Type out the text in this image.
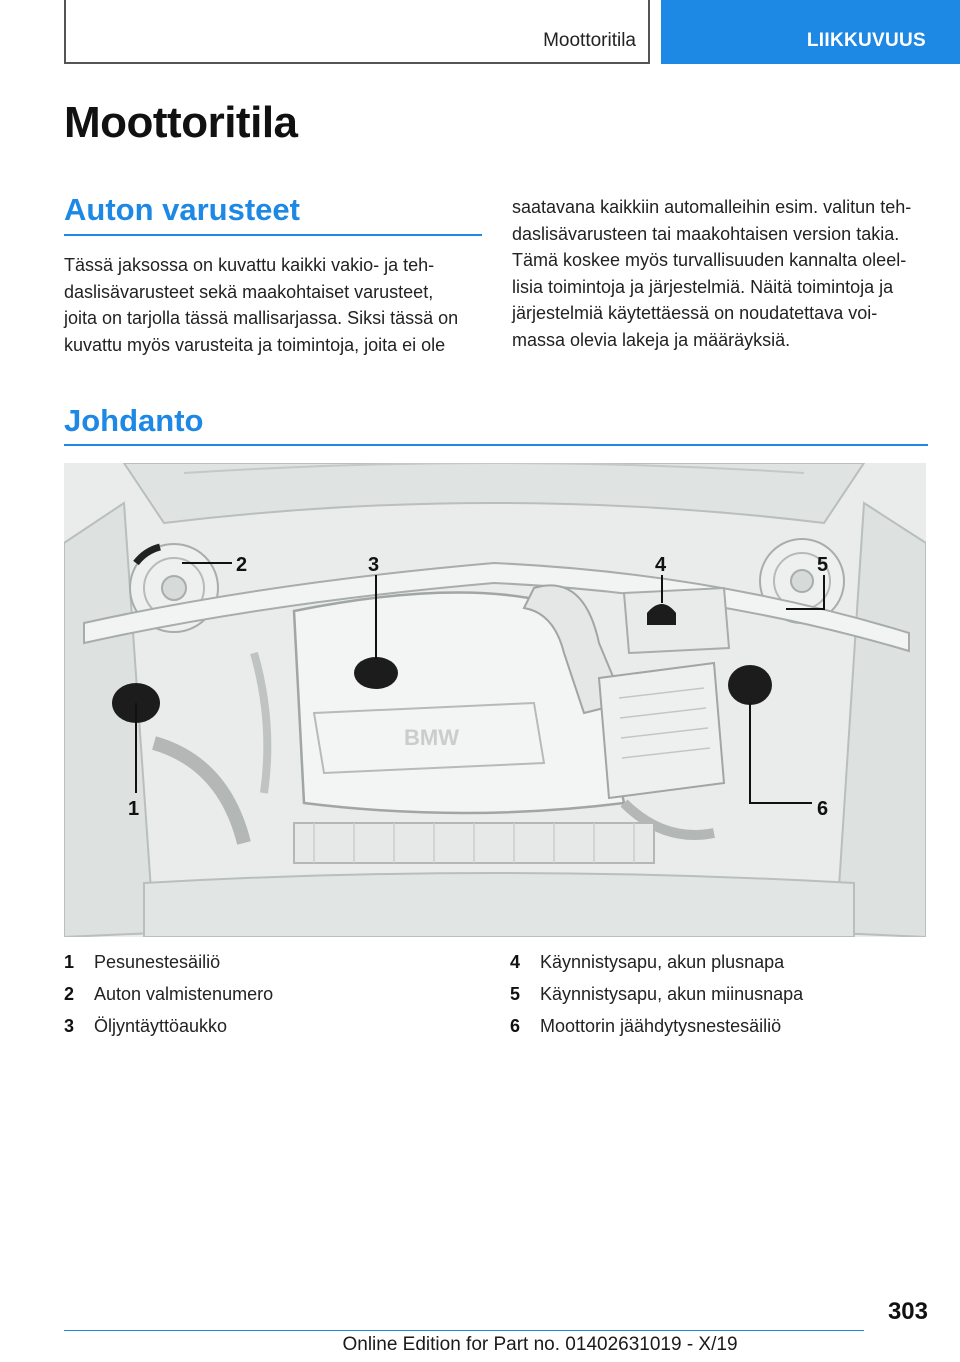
Moottoritila	LIIKKUVUUS
Moottoritila
Auton varusteet
Tässä jaksossa on kuvattu kaikki vakio- ja teh-
daslisävarusteet sekä maakohtaiset varusteet,
joita on tarjolla tässä mallisarjassa. Siksi tässä on
kuvattu myös varusteita ja toimintoja, joita ei ole
saatavana kaikkiin automalleihin esim. valitun teh-
daslisävarusteen tai maakohtaisen version takia.
Tämä koskee myös turvallisuuden kannalta oleel-
lisia toimintoja ja järjestelmiä. Näitä toimintoja ja
järjestelmiä käytettäessä on noudatettava voi-
massa olevia lakeja ja määräyksiä.
Johdanto
BMW
1
2	3	4	5
6
1	Pesunestesäiliö
2	Auton valmistenumero
3	Öljyntäyttöaukko
4	Käynnistysapu, akun plusnapa
5	Käynnistysapu, akun miinusnapa
6	Moottorin jäähdytysnestesäiliö
303
Online Edition for Part no. 01402631019 - X/19
